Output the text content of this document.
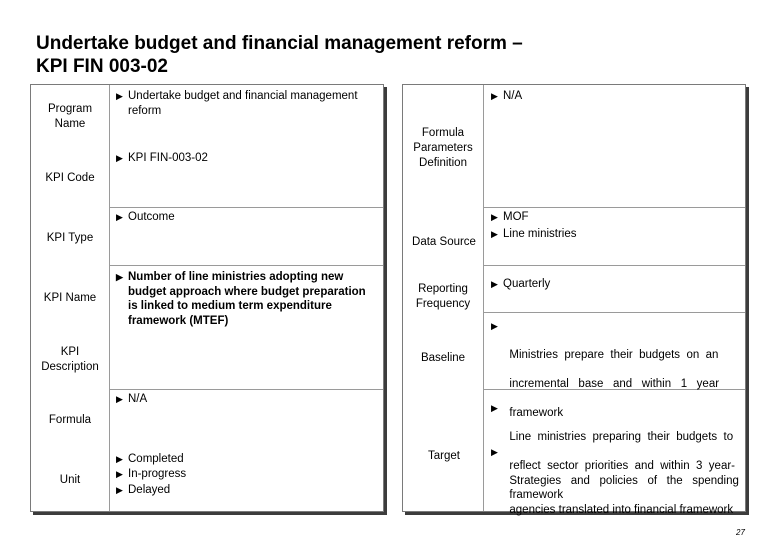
Undertake budget and financial management reform –
KPI FIN 003-02
Program
Name
KPI Code
KPI Type
KPI Name
KPI
Description
Formula
Unit
▶ Undertake budget and financial management
reform
▶ KPI FIN-003-02
▶ Outcome
▶ Number of line ministries adopting new
budget approach where budget preparation
is linked to medium term expenditure
framework (MTEF)
▶ N/A
▶ Completed
▶ In-progress
▶ Delayed
Formula
Parameters
Definition
Data Source
Reporting
Frequency
Baseline
Target
▶ N/A
▶ MOF
▶ Line ministries
▶ Quarterly

▶

Ministries  prepare  their  budgets  on  an

incremental   base   and   within   1   year

framework

▶

Line  ministries  preparing  their  budgets  to

reflect  sector  priorities  and  within  3  year-

framework

▶

Strategies   and   policies   of   the   spending

agencies translated into financial framework

27
